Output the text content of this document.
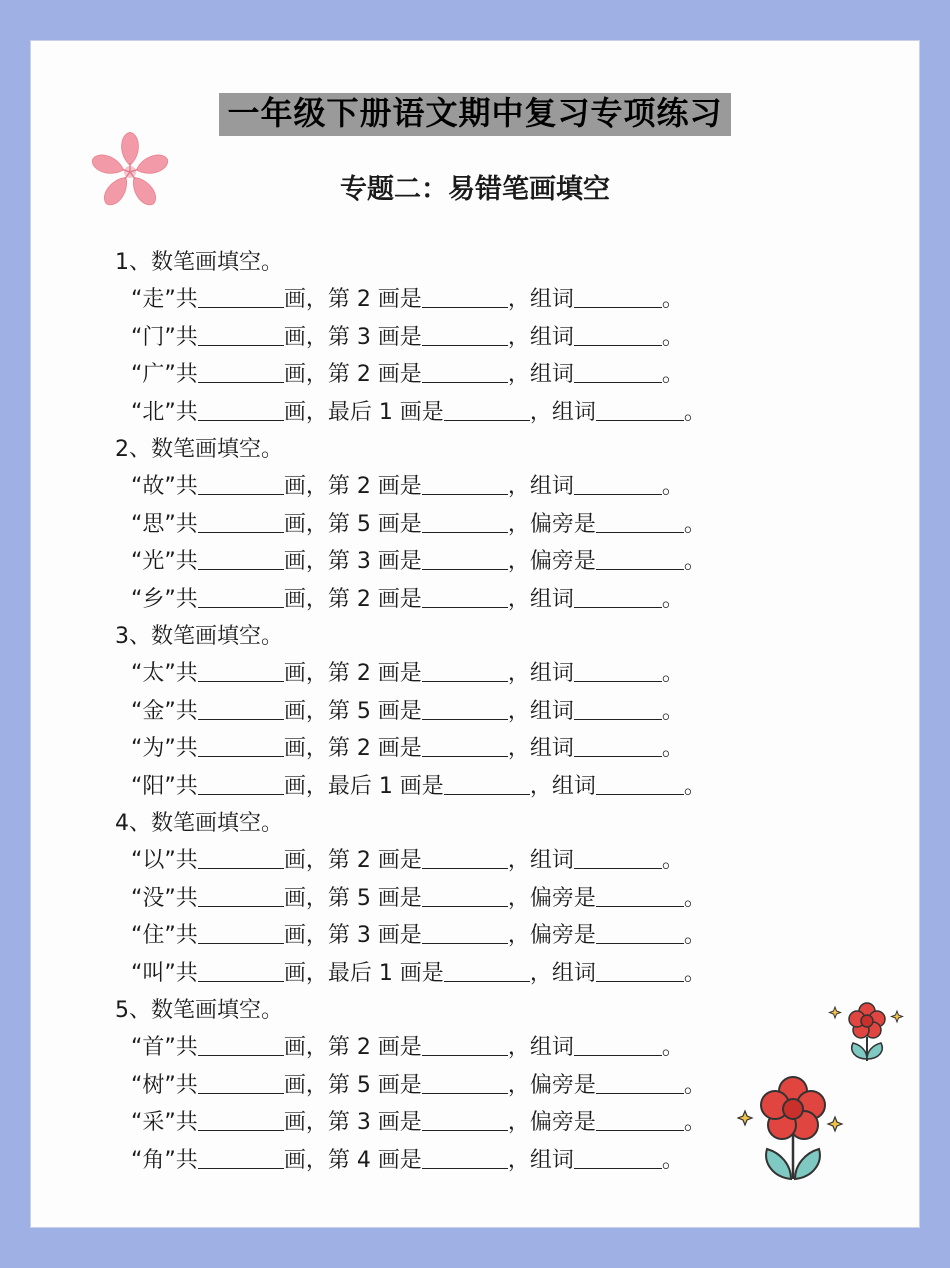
一年级下册语文期中复习专项练习
专题二：易错笔画填空
1、数笔画填空。
“走”共	画，第 2 画是	，组词	。
“门”共	画，第 3 画是	，组词	。
“广”共	画，第 2 画是	，组词	。
“北”共	画，最后 1 画是	，组词	。
2、数笔画填空。
“故”共	画，第 2 画是	，组词	。
“思”共	画，第 5 画是	，偏旁是	。
“光”共	画，第 3 画是	，偏旁是	。
“乡”共	画，第 2 画是	，组词	。
3、数笔画填空。
“太”共	画，第 2 画是	，组词	。
“金”共	画，第 5 画是	，组词	。
“为”共	画，第 2 画是	，组词	。
“阳”共	画，最后 1 画是	，组词	。
4、数笔画填空。
“以”共	画，第 2 画是	，组词	。
“没”共	画，第 5 画是	，偏旁是	。
“住”共	画，第 3 画是	，偏旁是	。
“叫”共	画，最后 1 画是	，组词	。
5、数笔画填空。
“首”共	画，第 2 画是	，组词	。
“树”共	画，第 5 画是	，偏旁是	。
“采”共	画，第 3 画是	，偏旁是	。
“角”共	画，第 4 画是	，组词	。
